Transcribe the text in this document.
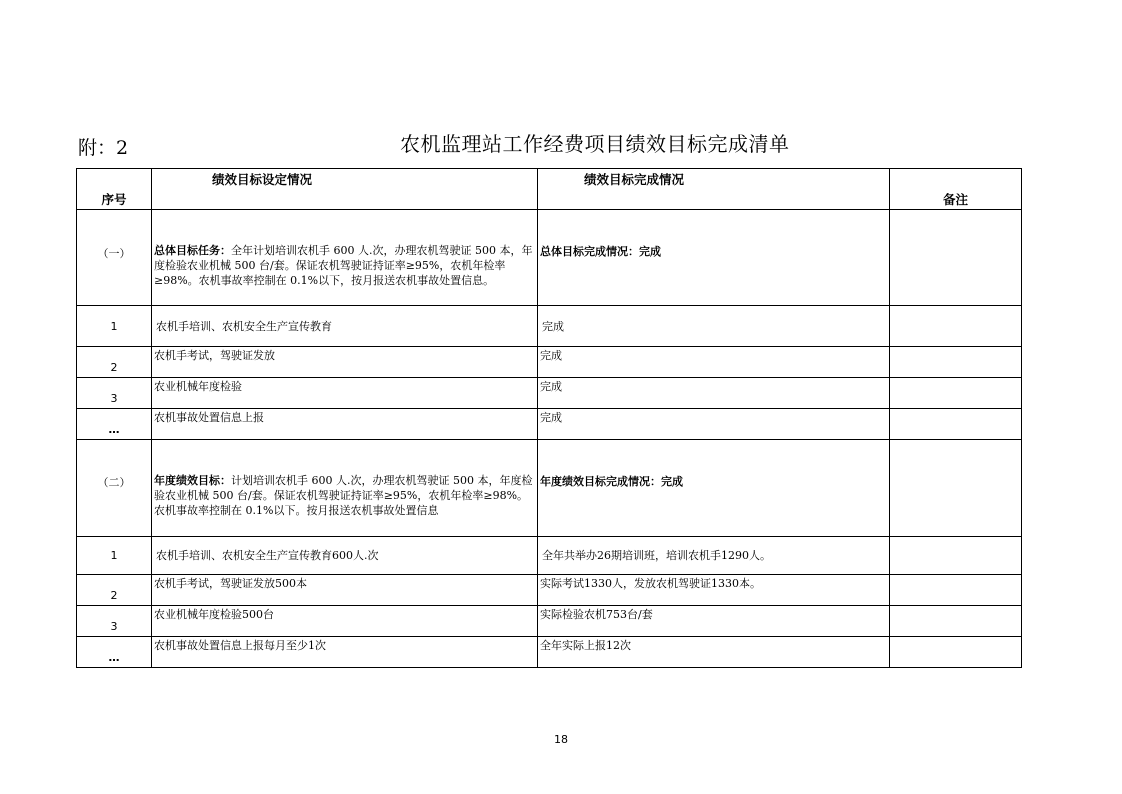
附：2	农机监理站工作经费项目绩效目标完成清单
序号	绩效目标设定情况	绩效目标完成情况	备注
（一）	总体目标任务：全年计划培训农机手 600 人.次，办理农机驾驶证 500 本，年度检验农业机械 500 台/套。保证农机驾驶证持证率≥95%，农机年检率≥98%。农机事故率控制在 0.1%以下，按月报送农机事故处置信息。	总体目标完成情况：完成	
1	农机手培训、农机安全生产宣传教育	完成	
2	农机手考试，驾驶证发放	完成	
3	农业机械年度检验	完成	
…	农机事故处置信息上报	完成	
（二）	年度绩效目标：计划培训农机手 600 人.次，办理农机驾驶证 500 本，年度检验农业机械 500 台/套。保证农机驾驶证持证率≥95%，农机年检率≥98%。农机事故率控制在 0.1%以下。按月报送农机事故处置信息	年度绩效目标完成情况：完成	
1	农机手培训、农机安全生产宣传教育600人.次	全年共举办26期培训班，培训农机手1290人。	
2	农机手考试，驾驶证发放500本	实际考试1330人，发放农机驾驶证1330本。	
3	农业机械年度检验500台	实际检验农机753台/套	
…	农机事故处置信息上报每月至少1次	全年实际上报12次	
18
